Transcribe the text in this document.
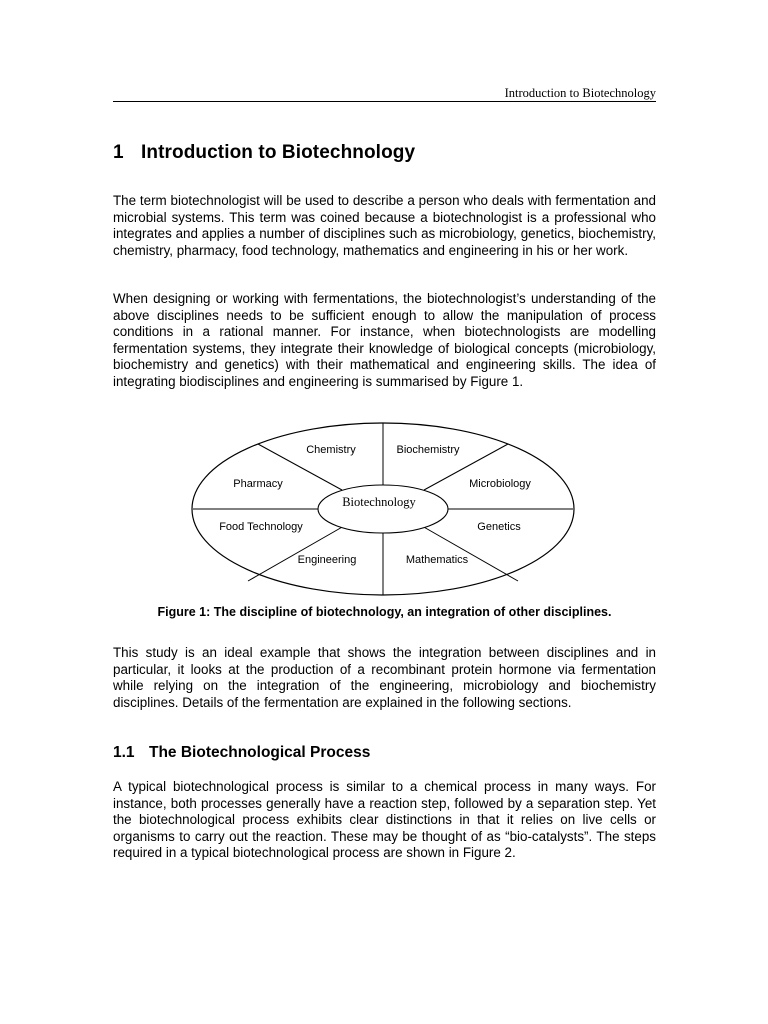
Introduction to Biotechnology
1 Introduction to Biotechnology

The term biotechnologist will be used to describe a person who deals with fermentation and microbial systems. This term was coined because a biotechnologist is a professional who integrates and applies a number of disciplines such as microbiology, genetics, biochemistry, chemistry, pharmacy, food technology, mathematics and engineering in his or her work.

When designing or working with fermentations, the biotechnologist’s understanding of the above disciplines needs to be sufficient enough to allow the manipulation of process conditions in a rational manner. For instance, when biotechnologists are modelling fermentation systems, they integrate their knowledge of biological concepts (microbiology, biochemistry and genetics) with their mathematical and engineering skills. The idea of integrating biodisciplines and engineering is summarised by Figure 1.

Biotechnology
Chemistry	Biochemistry
Pharmacy	Microbiology
Food Technology	Genetics
Engineering	Mathematics

Figure 1: The discipline of biotechnology, an integration of other disciplines.

This study is an ideal example that shows the integration between disciplines and in particular, it looks at the production of a recombinant protein hormone via fermentation while relying on the integration of the engineering, microbiology and biochemistry disciplines. Details of the fermentation are explained in the following sections.

1.1 The Biotechnological Process

A typical biotechnological process is similar to a chemical process in many ways. For instance, both processes generally have a reaction step, followed by a separation step. Yet the biotechnological process exhibits clear distinctions in that it relies on live cells or organisms to carry out the reaction. These may be thought of as “bio-catalysts”. The steps required in a typical biotechnological process are shown in Figure 2.
